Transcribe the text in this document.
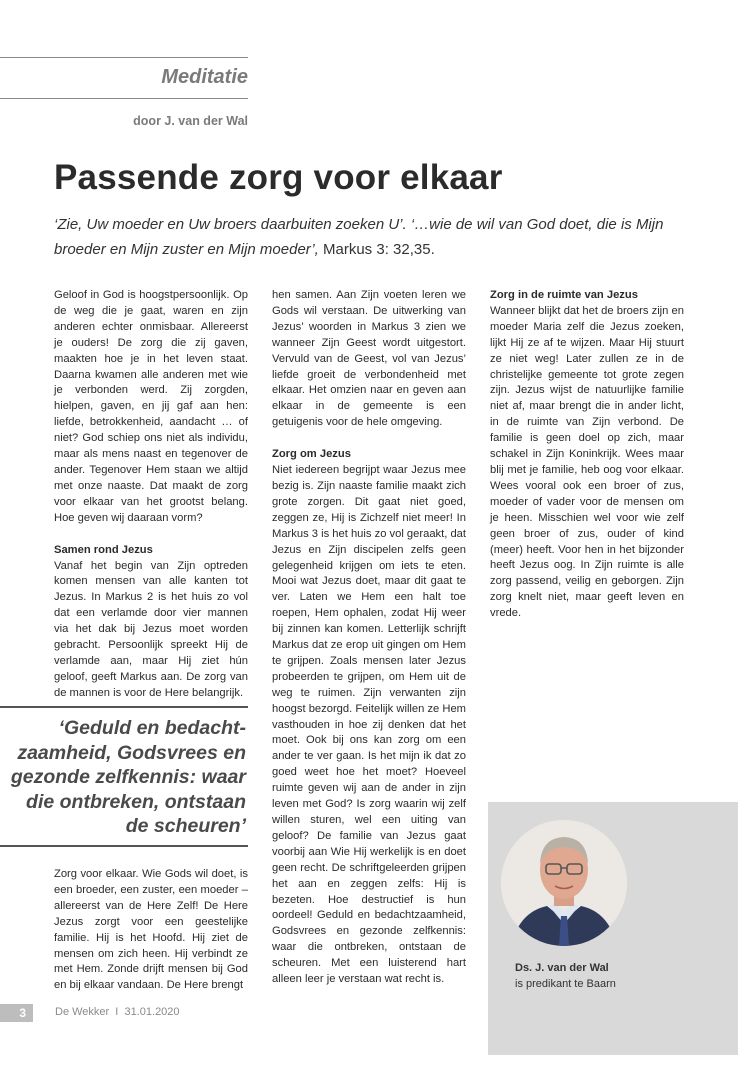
Meditatie
door J. van der Wal
Passende zorg voor elkaar
‘Zie, Uw moeder en Uw broers daarbuiten zoeken U’. ‘…wie de wil van God doet, die is Mijn broeder en Mijn zuster en Mijn moeder’, Markus 3: 32,35.

Geloof in God is hoogstpersoonlijk. Op de weg die je gaat, waren en zijn anderen echter onmisbaar. Allereerst je ouders! De zorg die zij gaven, maakten hoe je in het leven staat. Daarna kwamen alle anderen met wie je verbonden werd. Zij zorgden, hielpen, gaven, en jij gaf aan hen: liefde, betrokkenheid, aandacht … of niet? God schiep ons niet als individu, maar als mens naast en tegenover de ander. Tegenover Hem staan we altijd met onze naaste. Dat maakt de zorg voor elkaar van het grootst belang. Hoe geven wij daaraan vorm?

Samen rond Jezus

Vanaf het begin van Zijn optreden komen mensen van alle kanten tot Jezus. In Markus 2 is het huis zo vol dat een verlamde door vier mannen via het dak bij Jezus moet worden gebracht. Persoonlijk spreekt Hij de verlamde aan, maar Hij ziet hún geloof, geeft Markus aan. De zorg van de mannen is voor de Here belangrijk.

‘Geduld en bedacht-zaamheid, Godsvrees en gezonde zelfkennis: waar die ontbreken, ontstaan de scheuren’

Zorg voor elkaar. Wie Gods wil doet, is een broeder, een zuster, een moeder – allereerst van de Here Zelf! De Here Jezus zorgt voor een geestelijke familie. Hij is het Hoofd. Hij ziet de mensen om zich heen. Hij verbindt ze met Hem. Zonde drijft mensen bij God en bij elkaar vandaan. De Here brengt

hen samen. Aan Zijn voeten leren we Gods wil verstaan. De uitwerking van Jezus’ woorden in Markus 3 zien we wanneer Zijn Geest wordt uitgestort. Vervuld van de Geest, vol van Jezus’ liefde groeit de verbondenheid met elkaar. Het omzien naar en geven aan elkaar in de gemeente is een getuigenis voor de hele omgeving.

Zorg om Jezus

Niet iedereen begrijpt waar Jezus mee bezig is. Zijn naaste familie maakt zich grote zorgen. Dit gaat niet goed, zeggen ze, Hij is Zichzelf niet meer! In Markus 3 is het huis zo vol geraakt, dat Jezus en Zijn discipelen zelfs geen gelegenheid krijgen om iets te eten. Mooi wat Jezus doet, maar dit gaat te ver. Laten we Hem een halt toe roepen, Hem ophalen, zodat Hij weer bij zinnen kan komen. Letterlijk schrijft Markus dat ze erop uit gingen om Hem te grijpen. Zoals mensen later Jezus probeerden te grijpen, om Hem uit de weg te ruimen. Zijn verwanten zijn hoogst bezorgd. Feitelijk willen ze Hem vasthouden in hoe zij denken dat het moet. Ook bij ons kan zorg om een ander te ver gaan. Is het mijn ik dat zo goed weet hoe het moet? Hoeveel ruimte geven wij aan de ander in zijn leven met God? Is zorg waarin wij zelf willen sturen, wel een uiting van geloof? De familie van Jezus gaat voorbij aan Wie Hij werkelijk is en doet geen recht. De schriftgeleerden grijpen het aan en zeggen zelfs: Hij is bezeten. Hoe destructief is hun oordeel! Geduld en bedachtzaamheid, Godsvrees en gezonde zelfkennis: waar die ontbreken, ontstaan de scheuren. Met een luisterend hart alleen leer je verstaan wat recht is.

Zorg in de ruimte van Jezus

Wanneer blijkt dat het de broers zijn en moeder Maria zelf die Jezus zoeken, lijkt Hij ze af te wijzen. Maar Hij stuurt ze niet weg! Later zullen ze in de christelijke gemeente tot grote zegen zijn. Jezus wijst de natuurlijke familie niet af, maar brengt die in ander licht, in de ruimte van Zijn verbond. De familie is geen doel op zich, maar schakel in Zijn Koninkrijk. Wees maar blij met je familie, heb oog voor elkaar. Wees vooral ook een broer of zus, moeder of vader voor de mensen om je heen. Misschien wel voor wie zelf geen broer of zus, ouder of kind (meer) heeft. Voor hen in het bijzonder heeft Jezus oog. In Zijn ruimte is alle zorg passend, veilig en geborgen. Zijn zorg knelt niet, maar geeft leven en vrede.

Ds. J. van der Wal
is predikant te Baarn
3	De Wekker  I  31.01.2020
